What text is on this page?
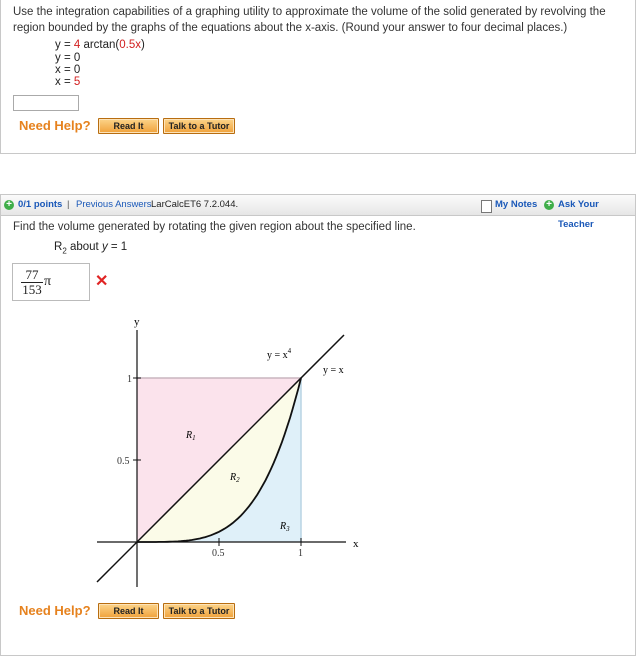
Use the integration capabilities of a graphing utility to approximate the volume of the solid generated by revolving the region bounded by the graphs of the equations about the x-axis. (Round your answer to four decimal places.)
y = 4 arctan(0.5x)
y = 0
x = 0
x = 5
Need Help?	Read It	Talk to a Tutor
+ 0/1 points | Previous Answers LarCalcET6 7.2.044.	My Notes + Ask Your Teacher
Find the volume generated by rotating the given region about the specified line.
$R_2$ about y = 1
$\frac{77}{153}$ π	✕
y
x
1
0.5
0.5	1
$y = x^4$
y = x
$R_1$
$R_2$
$R_3$
Need Help?	Read It	Talk to a Tutor
